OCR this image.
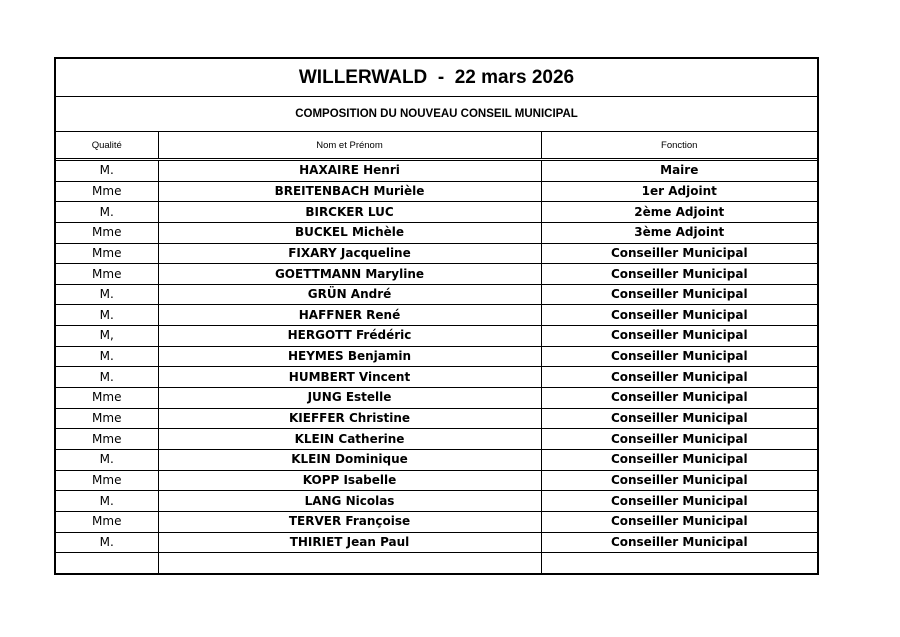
WILLERWALD  -  22 mars 2026
COMPOSITION DU NOUVEAU CONSEIL MUNICIPAL
Qualité	Nom et Prénom	Fonction
M.	HAXAIRE Henri	Maire
Mme	BREITENBACH Murièle	1er Adjoint
M.	BIRCKER LUC	2ème Adjoint
Mme	BUCKEL Michèle	3ème Adjoint
Mme	FIXARY Jacqueline	Conseiller Municipal
Mme	GOETTMANN Maryline	Conseiller Municipal
M.	GRÜN André	Conseiller Municipal
M.	HAFFNER René	Conseiller Municipal
M,	HERGOTT Frédéric	Conseiller Municipal
M.	HEYMES Benjamin	Conseiller Municipal
M.	HUMBERT Vincent	Conseiller Municipal
Mme	JUNG Estelle	Conseiller Municipal
Mme	KIEFFER Christine	Conseiller Municipal
Mme	KLEIN Catherine	Conseiller Municipal
M.	KLEIN Dominique	Conseiller Municipal
Mme	KOPP Isabelle	Conseiller Municipal
M.	LANG Nicolas	Conseiller Municipal
Mme	TERVER Françoise	Conseiller Municipal
M.	THIRIET Jean Paul	Conseiller Municipal
